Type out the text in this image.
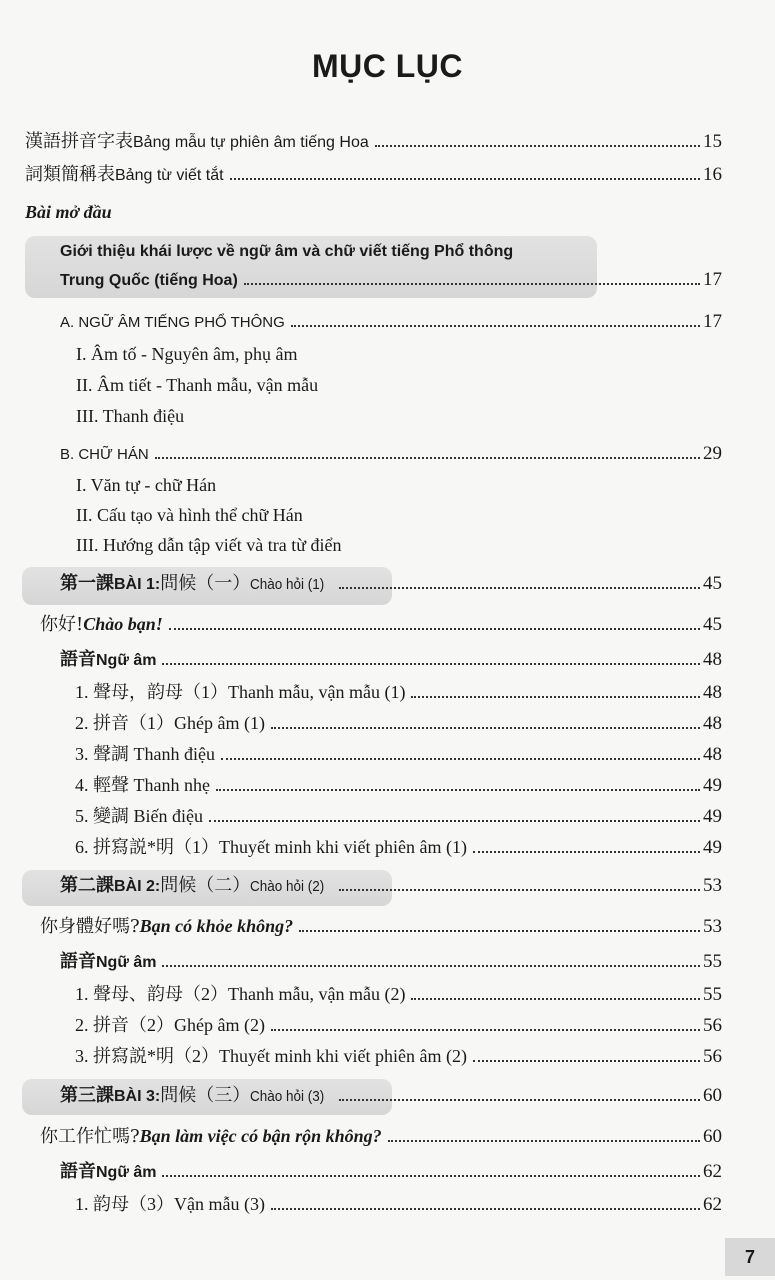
MỤC LỤC
Bài mở đầu
漢語拼音字表 Bảng mẫu tự phiên âm tiếng Hoa	15
詞類簡稱表 Bảng từ viết tắt	16
Giới thiệu khái lược về ngữ âm và chữ viết tiếng Phổ thông
Trung Quốc (tiếng Hoa)	17
A. NGỮ ÂM TIẾNG PHỔ THÔNG	17
I. Âm tố - Nguyên âm, phụ âm
II. Âm tiết - Thanh mẫu, vận mẫu
III. Thanh điệu
B. CHỮ HÁN	29
I. Văn tự - chữ Hán
II. Cấu tạo và hình thể chữ Hán
III. Hướng dẫn tập viết và tra từ điển
第一課 BÀI 1: 問候（一） Chào hỏi (1)	45
你好! Chào bạn!	45
語音 Ngữ âm	48
1. 聲母，韵母（1）Thanh mẫu, vận mẫu (1)	48
2. 拼音（1）Ghép âm (1)	48
3. 聲調 Thanh điệu	48
4. 輕聲 Thanh nhẹ	49
5. 變調 Biến điệu	49
6. 拼寫説*明（1）Thuyết minh khi viết phiên âm (1)	49
第二課 BÀI 2: 問候（二） Chào hỏi (2)	53
你身體好嗎? Bạn có khỏe không?	53
語音 Ngữ âm	55
1. 聲母、韵母（2）Thanh mẫu, vận mẫu (2)	55
2. 拼音（2）Ghép âm (2)	56
3. 拼寫説*明（2）Thuyết minh khi viết phiên âm (2)	56
第三課 BÀI 3: 問候（三） Chào hỏi (3)	60
你工作忙嗎? Bạn làm việc có bận rộn không?	60
語音 Ngữ âm	62
1. 韵母（3）Vận mẫu (3)	62
7
